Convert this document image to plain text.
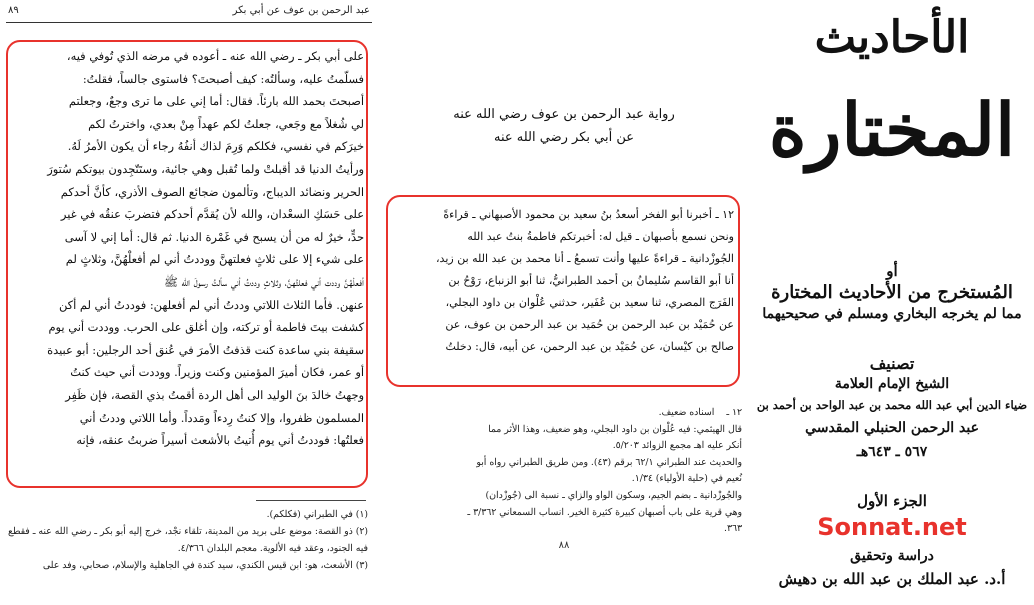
٨٩	عبد الرحمن بن عوف عن أبي بكر
على أبي بكر ـ رضي الله عنه ـ أعوده في مرضه الذي تُوفي فيه،
فسلّمتُ عليه، وسألتُه: كيف أصبحتَ؟ فاستوى جالساً، فقلتُ:
أصبحتَ بحمد الله بارئاً. فقال: أما إني على ما ترى وجعٌ، وجعلتم
لي شُغلاً مع وجَعي، جعلتُ لكم عهداً مِنْ بعدي، واخترتُ لكم
خيرَكم في نفسي، فكلكم وَرِمَ لذاك أنفُهُ رجاء أن يكون الأمرُ لَهُ.
ورأيتُ الدنيا قد أقبلتْ ولما تُقبل وهي جائية، وستَتّجِدون بيوتكم سُتورَ
الحرير ونضائد الديباج، وتألمون ضجائع الصوف الأذري، كأنَّ أحدكم
على حَسَكِ السعْدان، والله لأن يُقدَّم أحدكم فتضربَ عنقُه في غير
حدٍّ، خيرٌ له من أن يسبح في غَمْرة الدنيا. ثم قال: أما إني لا آسى
على شيء إلا على ثلاثٍ فعلتهنَّ ووددتُ أني لم أفعلْهُنَّ، وثلاثٍ لم
أفعلْهُنَّ وددت أني فعلتُهنَّ، وثلاثٍ وددتُ أني سألتُ رسولَ الله ﷺ
عنهن. فأما الثلاث اللاتي وددتُ أني لم أفعلهن: فوددتُ أني لم أكن
كشفت بيتَ فاطمة أو تركته، وإن أغلق على الحرب. ووددت أني يوم
سقيفة بني ساعدة كنت قذفتُ الأمرَ في عُنق أحد الرجلين: أبو عبيدة
أو عمر، فكان أميرَ المؤمنين وكنت وزيراً. ووددت أني حيث كنتُ
وجهتُ خالدَ بنَ الوليد الى أهل الردة أقمتُ بذي القصة، فإن ظَفِر
المسلمون ظفروا، وإلا كنتُ رِدءاً ومَدداً. وأما اللاتي وددتُ أني
فعلتُها: فوددتُ أني يوم أُتيتُ بالأشعث أسيراً ضربتُ عنقه، فإنه
(١) في الطبراني (فكلكم).
(٢) ذو القصة: موضع على بريد من المدينة، تلقاء نجْد، خرج إليه أبو بكر ـ رضي الله عنه ـ فقطع فيه الجنود، وعقد فيه الألوية. معجم البلدان ٤/٣٦٦.
(٣) الأشعث، هو: ابن قيس الكندي، سيد كندة في الجاهلية والإسلام، صحابي، وفد على
رواية عبد الرحمن بن عوف رضي الله عنه
عن أبي بكر رضي الله عنه
١٢ ـ أخبرنا أبو الفخر أسعدُ بنُ سعيد بن محمود الأصبهاني ـ قراءةً
ونحن نسمع بأصبهان ـ قيل له: أخبرتكم فاطمةُ بنتُ عبد الله
الجُوزْدانية ـ قراءةً عليها وأنت تسمعُ ـ أنا محمد بن عبد الله بن زيد،
أنا أبو القاسم سُليمانُ بن أحمد الطبرانيُّ، ثنا أبو الزنباع، رَوْحُ بن
الفَرَج المصري، ثنا سعيد بن عُفَير، حدثني عُلْوان بن داود البجلي،
عن حُمَيْد بن عبد الرحمن بن حُمَيد بن عبد الرحمن بن عوف، عن
صالح بن كيْسان، عن حُمَيْد بن عبد الرحمن، عن أبيه، قال: دخلتُ
١٢ ـ
اسناده ضعيف.
قال الهيثمي: فيه عُلْوان بن داود البجلي، وهو ضعيف، وهذا الأثر مما
أنكر عليه اهـ مجمع الزوائد ٥/٢٠٣.
والحديث عند الطبراني ٦٢/١ برقم (٤٣). ومن طريق الطبراني رواه أبو
نُعيم في (حلية الأولياء) ١/٣٤.
والجُوزْدانية ـ بضم الجيم، وسكون الواو والزاي ـ نسبة الى (جُوزْدان)
وهي قرية على باب أصبهان كبيرة كثيرة الخير. انساب السمعاني ٣/٣٦٢ ـ
٣٦٣.
٨٨
الأحاديث
المختارة
أو
المُستخرج من الأحاديث المختارة
مما لم يخرجه البخاري ومسلم في صحيحيهما
تصنيف
الشيخ الإمام العلامة
ضياء الدين أبي عبد الله محمد بن عبد الواحد بن أحمد بن
عبد الرحمن الحنبلي المقدسي
٥٦٧ ـ ٦٤٣هـ
الجزء الأول
Sonnat.net
دراسة وتحقيق
أ.د. عبد الملك بن عبد الله بن دهيش
